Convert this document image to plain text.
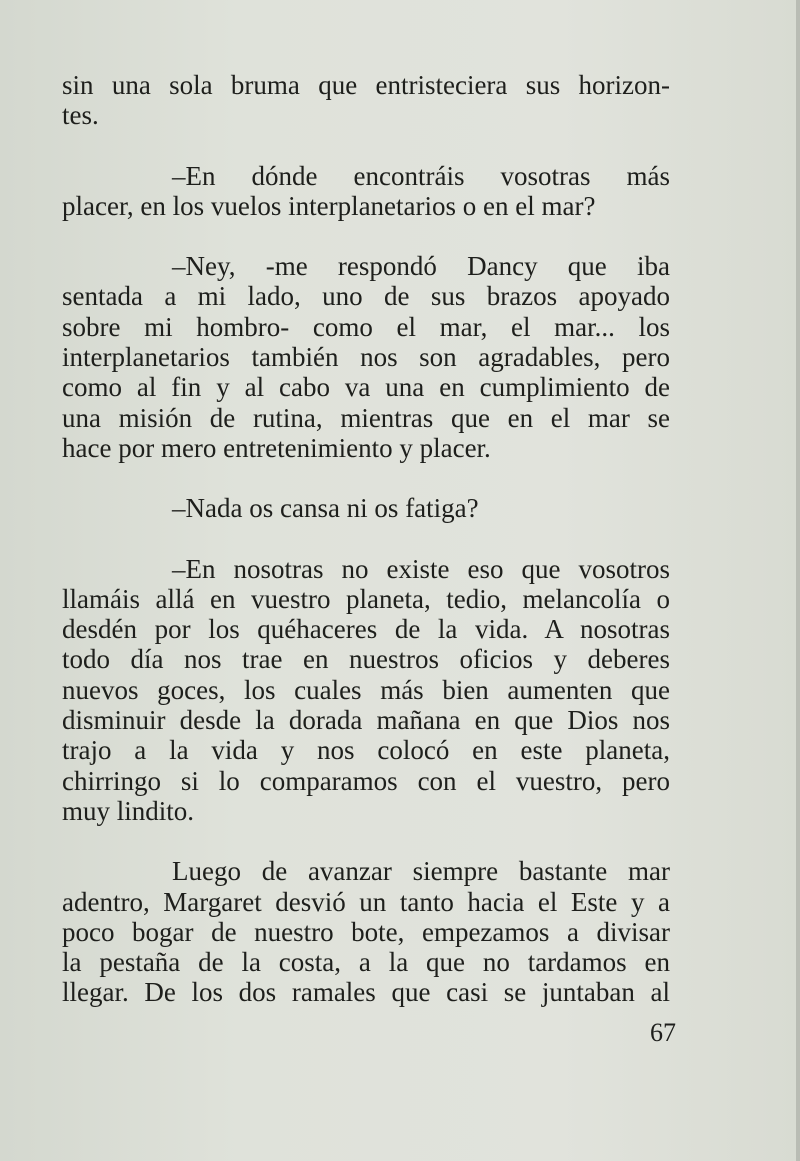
sin una sola bruma que entristeciera sus horizon-
tes.
–En dónde encontráis vosotras más
placer, en los vuelos interplanetarios o en el mar?
–Ney, -me respondó Dancy que iba
sentada a mi lado, uno de sus brazos apoyado
sobre mi hombro- como el mar, el mar... los
interplanetarios también nos son agradables, pero
como al fin y al cabo va una en cumplimiento de
una misión de rutina, mientras que en el mar se
hace por mero entretenimiento y placer.
–Nada os cansa ni os fatiga?
–En nosotras no existe eso que vosotros
llamáis allá en vuestro planeta, tedio, melancolía o
desdén por los quéhaceres de la vida. A nosotras
todo día nos trae en nuestros oficios y deberes
nuevos goces, los cuales más bien aumenten que
disminuir desde la dorada mañana en que Dios nos
trajo a la vida y nos colocó en este planeta,
chirringo si lo comparamos con el vuestro, pero
muy lindito.
Luego de avanzar siempre bastante mar
adentro, Margaret desvió un tanto hacia el Este y a
poco bogar de nuestro bote, empezamos a divisar
la pestaña de la costa, a la que no tardamos en
llegar. De los dos ramales que casi se juntaban al
67
